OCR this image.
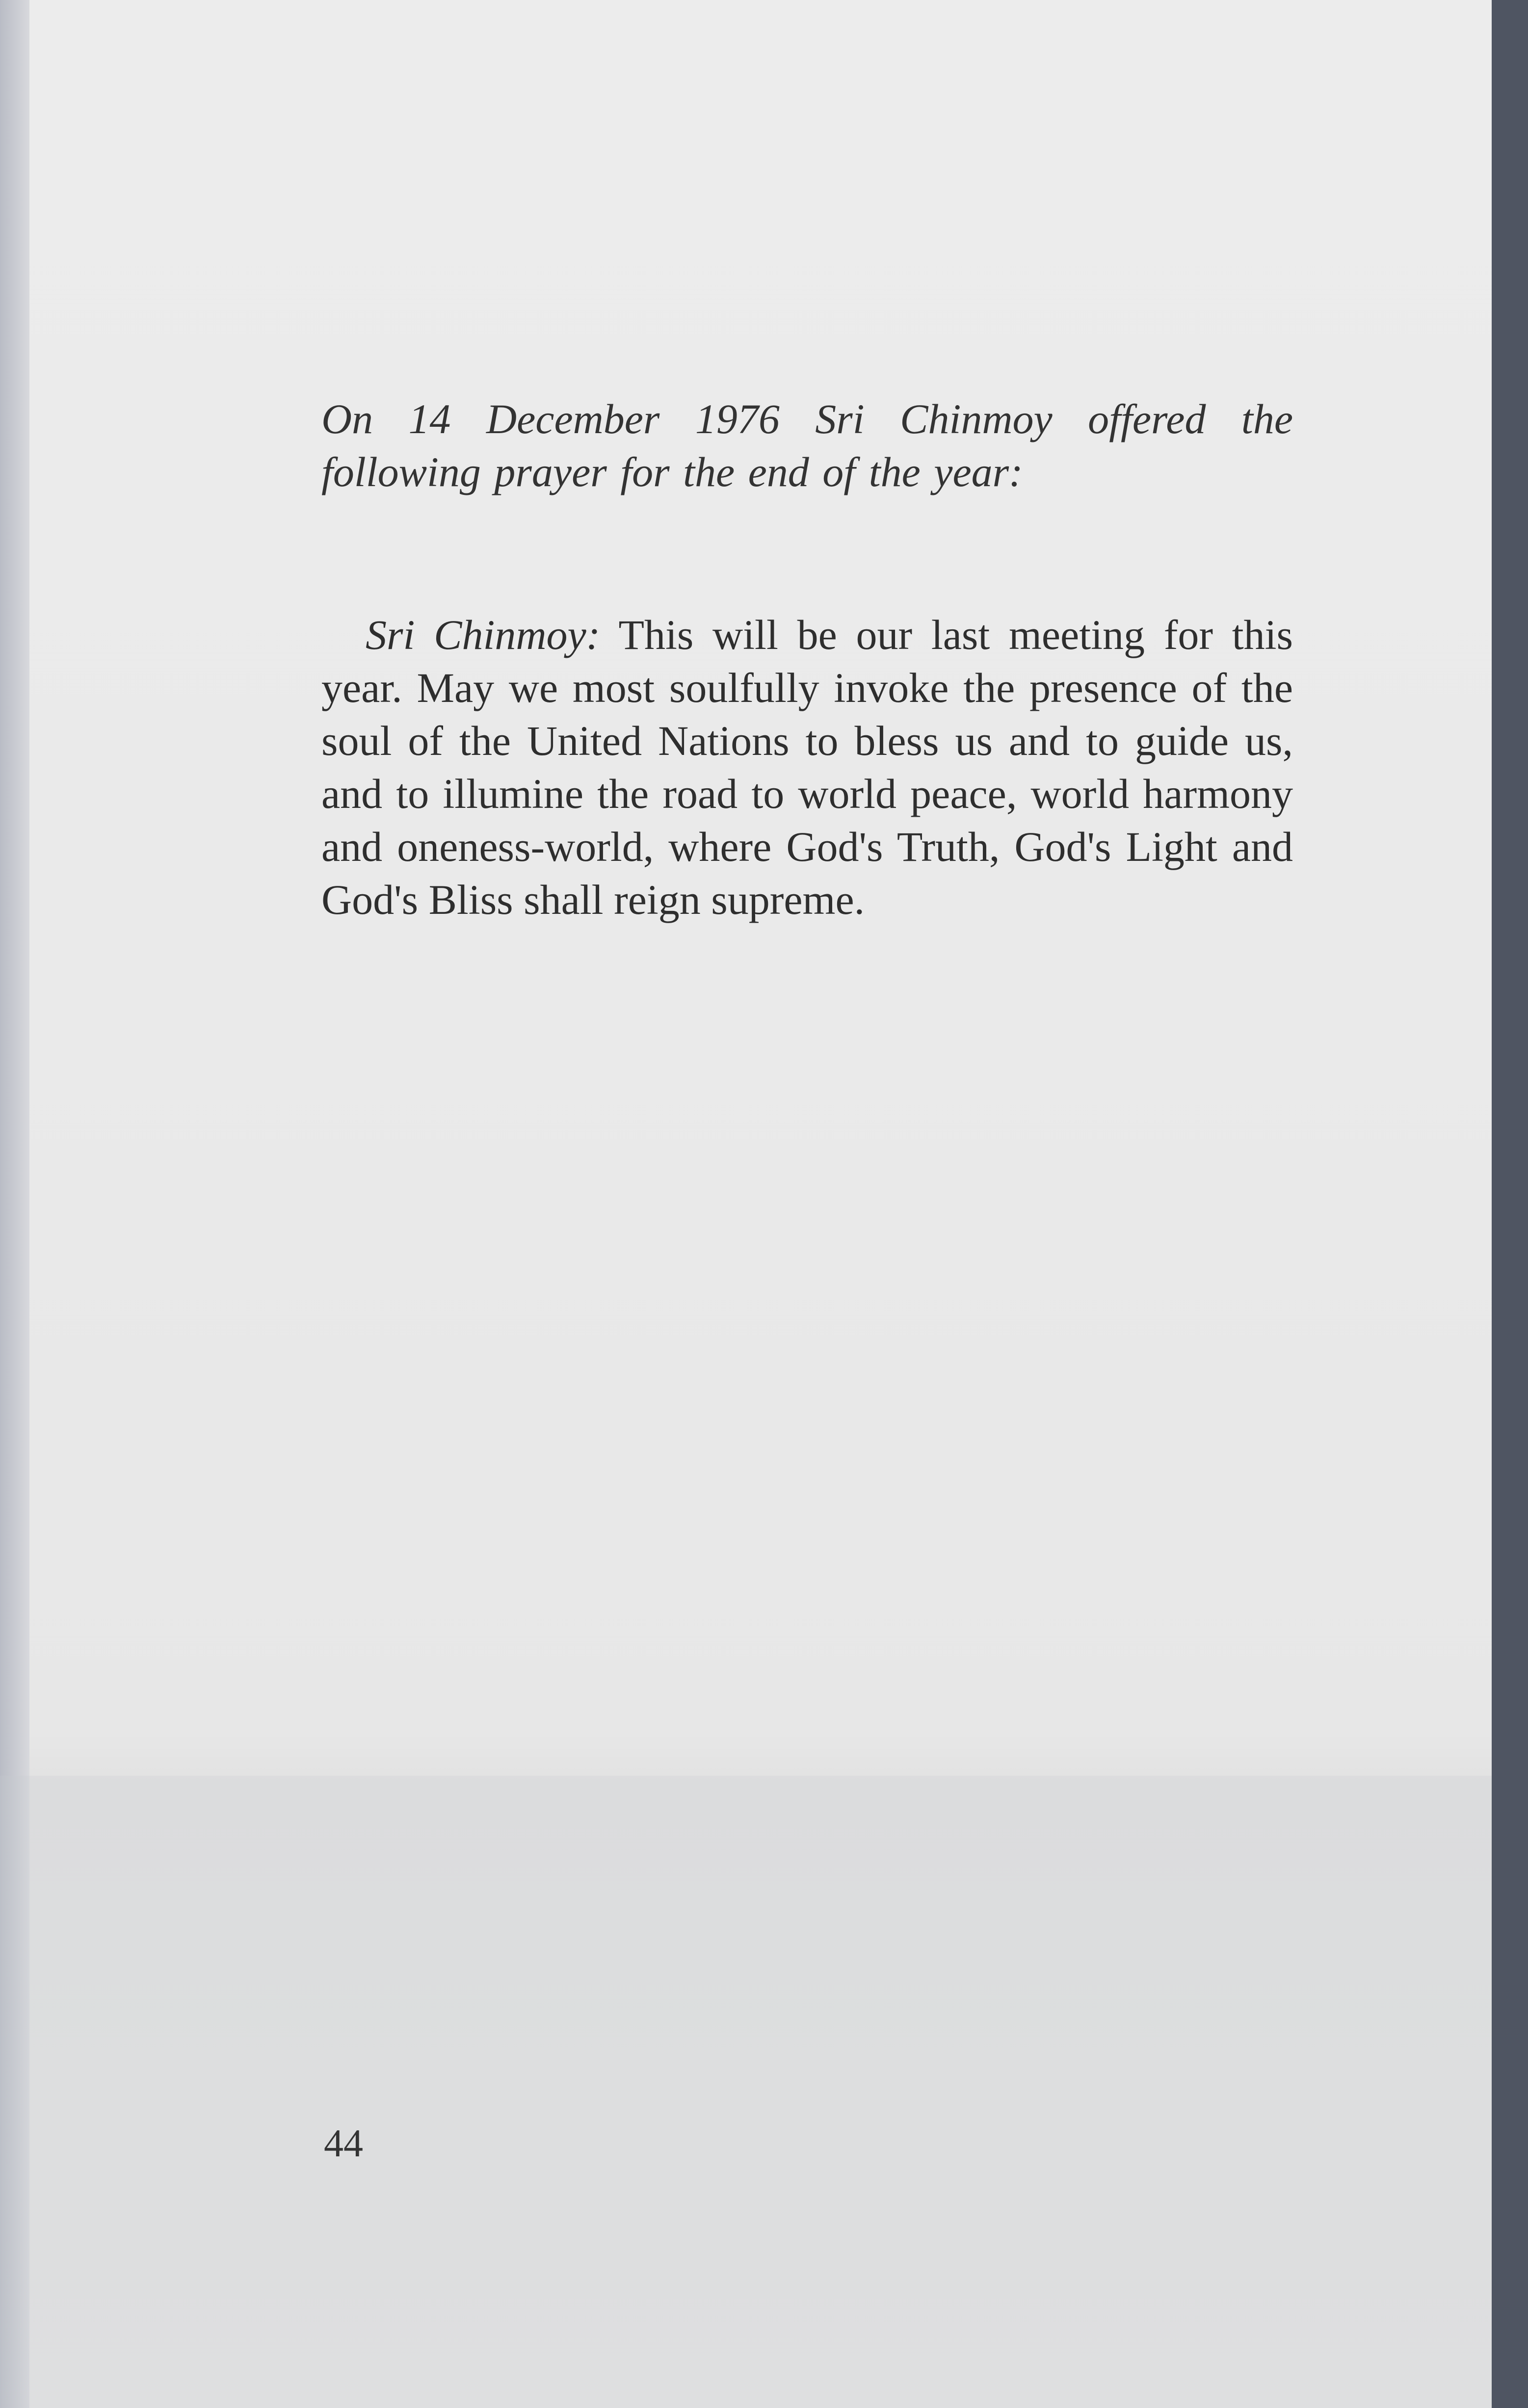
On 14 December 1976 Sri Chinmoy offered the following prayer for the end of the year:

Sri Chinmoy: This will be our last meeting for this year. May we most soulfully invoke the presence of the soul of the United Nations to bless us and to guide us, and to illumine the road to world peace, world harmony and oneness-world, where God's Truth, God's Light and God's Bliss shall reign supreme.

44
